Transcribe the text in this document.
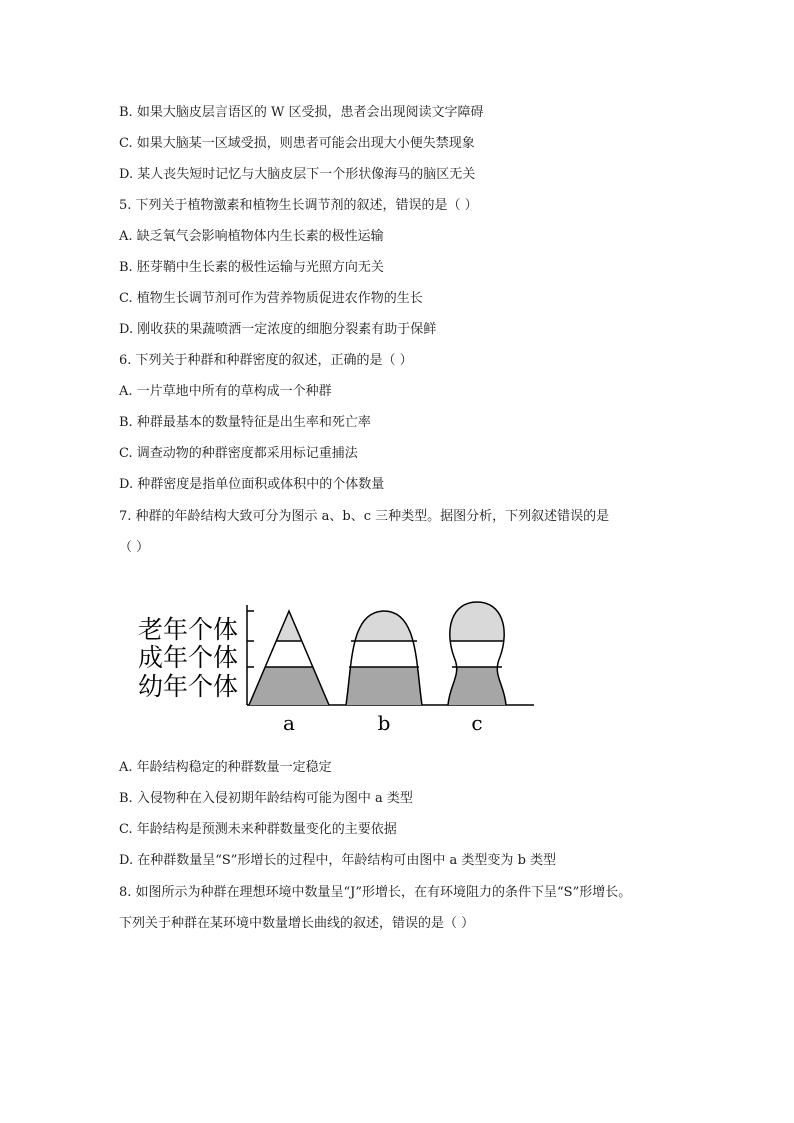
B. 如果大脑皮层言语区的 W 区受损，患者会出现阅读文字障碍
C. 如果大脑某一区域受损，则患者可能会出现大小便失禁现象
D. 某人丧失短时记忆与大脑皮层下一个形状像海马的脑区无关
5. 下列关于植物激素和植物生长调节剂的叙述，错误的是（ ）
A. 缺乏氧气会影响植物体内生长素的极性运输
B. 胚芽鞘中生长素的极性运输与光照方向无关
C. 植物生长调节剂可作为营养物质促进农作物的生长
D. 刚收获的果蔬喷洒一定浓度的细胞分裂素有助于保鲜
6. 下列关于种群和种群密度的叙述，正确的是（ ）
A. 一片草地中所有的草构成一个种群
B. 种群最基本的数量特征是出生率和死亡率
C. 调查动物的种群密度都采用标记重捕法
D. 种群密度是指单位面积或体积中的个体数量
7. 种群的年龄结构大致可分为图示 a、b、c 三种类型。据图分析，下列叙述错误的是
（ ）
老年个体
成年个体
幼年个体
a	b	c
A. 年龄结构稳定的种群数量一定稳定
B. 入侵物种在入侵初期年龄结构可能为图中 a 类型
C. 年龄结构是预测未来种群数量变化的主要依据
D. 在种群数量呈“S”形增长的过程中，年龄结构可由图中 a 类型变为 b 类型
8. 如图所示为种群在理想环境中数量呈“J”形增长，在有环境阻力的条件下呈“S”形增长。
下列关于种群在某环境中数量增长曲线的叙述，错误的是（ ）
